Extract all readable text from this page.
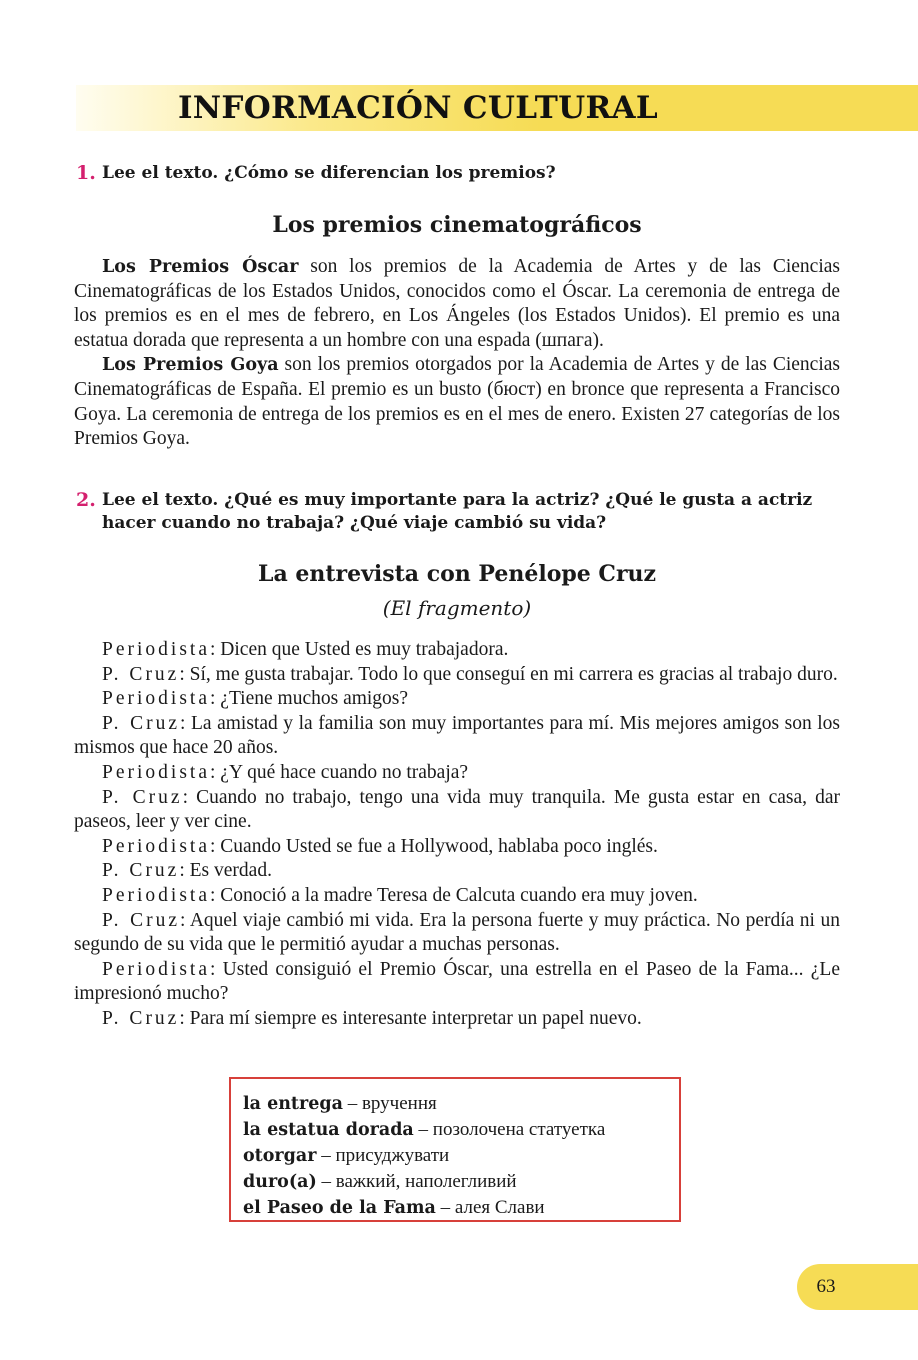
INFORMACIÓN CULTURAL
1. Lee el texto. ¿Cómo se diferencian los premios?
Los premios cinematográficos

Los Premios Óscar son los premios de la Academia de Artes y de las Ciencias Cinematográficas de los Estados Unidos, conocidos como el Óscar. La ceremonia de entrega de los premios es en el mes de febrero, en Los Ángeles (los Estados Unidos). El premio es una estatua dorada que representa a un hombre con una espada (шпага).

Los Premios Goya son los premios otorgados por la Academia de Artes y de las Ciencias Cinematográficas de España. El premio es un busto (бюст) en bronce que representa a Francisco Goya. La ceremonia de entrega de los premios es en el mes de enero. Existen 27 categorías de los Premios Goya.

2. Lee el texto. ¿Qué es muy importante para la actriz? ¿Qué le gusta a actriz hacer cuando no trabaja? ¿Qué viaje cambió su vida?
La entrevista con Penélope Cruz
(El fragmento)

Periodista: Dicen que Usted es muy trabajadora.

P. Cruz: Sí, me gusta trabajar. Todo lo que conseguí en mi carrera es gracias al trabajo duro.

Periodista: ¿Tiene muchos amigos?

P. Cruz: La amistad y la familia son muy importantes para mí. Mis mejores amigos son los mismos que hace 20 años.

Periodista: ¿Y qué hace cuando no trabaja?

P. Cruz: Cuando no trabajo, tengo una vida muy tranquila. Me gusta estar en casa, dar paseos, leer y ver cine.

Periodista: Cuando Usted se fue a Hollywood, hablaba poco inglés.

P. Cruz: Es verdad.

Periodista: Conoció a la madre Teresa de Calcuta cuando era muy joven.

P. Cruz: Aquel viaje cambió mi vida. Era la persona fuerte y muy práctica. No perdía ni un segundo de su vida que le permitió ayudar a muchas personas.

Periodista: Usted consiguió el Premio Óscar, una estrella en el Paseo de la Fama... ¿Le impresionó mucho?

P. Cruz: Para mí siempre es interesante interpretar un papel nuevo.

la entrega – вручення
la estatua dorada – позолочена статуетка
otorgar – присуджувати
duro(a) – важкий, наполегливий
el Paseo de la Fama – алея Слави
63
